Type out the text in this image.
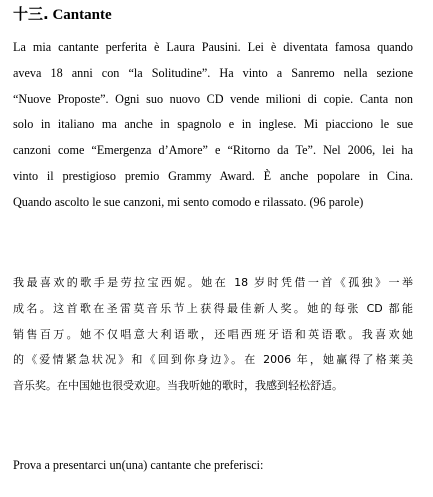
十三. Cantante
La mia cantante perferita è Laura Pausini. Lei è diventata famosa quando
aveva 18 anni con “la Solitudine”. Ha vinto a Sanremo nella sezione
“Nuove Proposte”. Ogni suo nuovo CD vende milioni di copie. Canta non
solo in italiano ma anche in spagnolo e in inglese. Mi piacciono le sue
canzoni come “Emergenza d’Amore” e “Ritorno da Te”. Nel 2006, lei ha
vinto il prestigioso premio Grammy Award. È anche popolare in Cina.
Quando ascolto le sue canzoni, mi sento comodo e rilassato. (96 parole)
我最喜欢的歌手是劳拉宝西妮。她在 18 岁时凭借一首《孤独》一举
成名。这首歌在圣雷莫音乐节上获得最佳新人奖。她的每张 CD 都能
销售百万。她不仅唱意大利语歌，还唱西班牙语和英语歌。我喜欢她
的《爱情紧急状况》和《回到你身边》。在 2006 年，她赢得了格莱美
音乐奖。在中国她也很受欢迎。当我听她的歌时，我感到轻松舒适。
Prova a presentarci un(una) cantante che preferisci:
